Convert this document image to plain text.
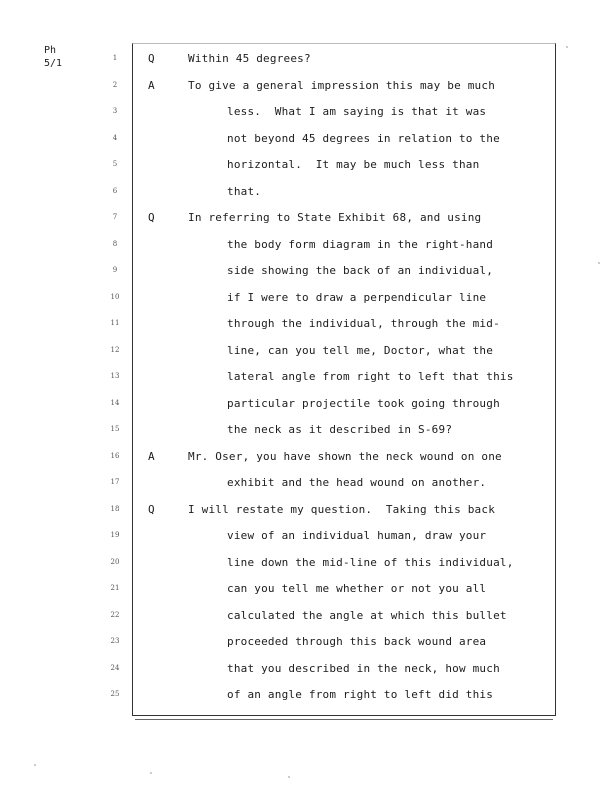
Ph
5/1	1	Q	Within 45 degrees?
2	A	To give a general impression this may be much
3	less.  What I am saying is that it was
4	not beyond 45 degrees in relation to the
5	horizontal.  It may be much less than
6	that.
7	Q	In referring to State Exhibit 68, and using
8	the body form diagram in the right-hand
9	side showing the back of an individual,
10	if I were to draw a perpendicular line
11	through the individual, through the mid-
12	line, can you tell me, Doctor, what the
13	lateral angle from right to left that this
14	particular projectile took going through
15	the neck as it described in S-69?
16	A	Mr. Oser, you have shown the neck wound on one
17	exhibit and the head wound on another.
18	Q	I will restate my question.  Taking this back
19	view of an individual human, draw your
20	line down the mid-line of this individual,
21	can you tell me whether or not you all
22	calculated the angle at which this bullet
23	proceeded through this back wound area
24	that you described in the neck, how much
25	of an angle from right to left did this
